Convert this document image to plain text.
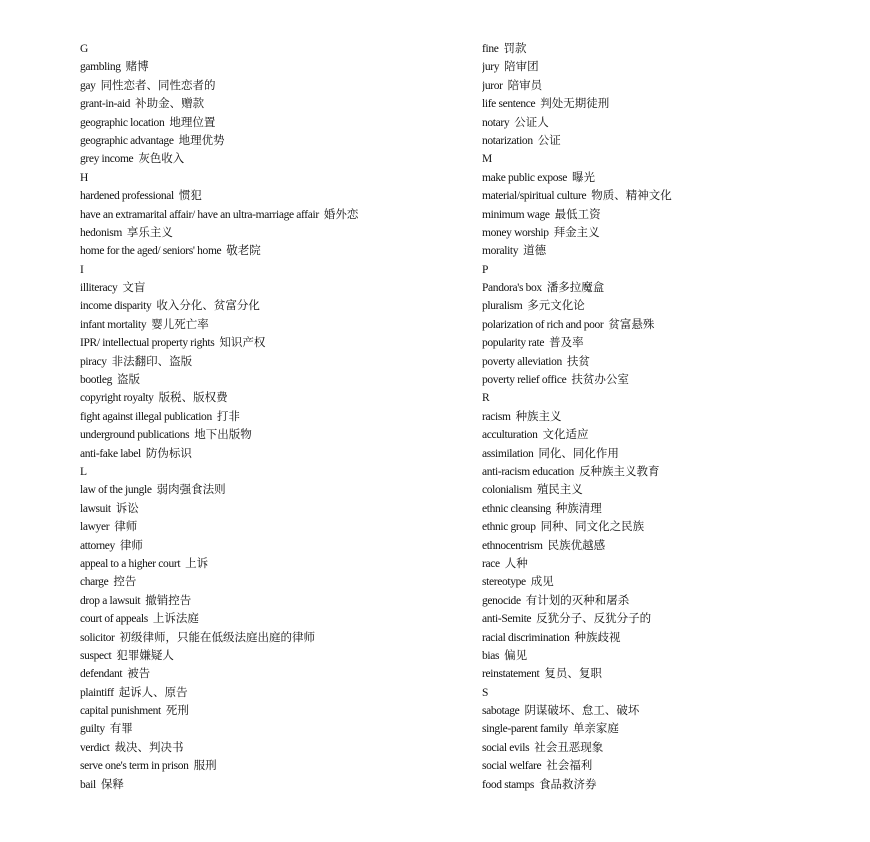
G
gambling 赌博
gay 同性恋者、同性恋者的
grant-in-aid 补助金、赠款
geographic location 地理位置
geographic advantage 地理优势
grey income 灰色收入
H
hardened professional 惯犯
have an extramarital affair/ have an ultra-marriage affair 婚外恋
hedonism 享乐主义
home for the aged/ seniors' home 敬老院
I
illiteracy 文盲
income disparity 收入分化、贫富分化
infant mortality 婴儿死亡率
IPR/ intellectual property rights 知识产权
piracy 非法翻印、盗版
bootleg 盗版
copyright royalty 版税、版权费
fight against illegal publication 打非
underground publications 地下出版物
anti-fake label 防伪标识
L
law of the jungle 弱肉强食法则
lawsuit 诉讼
lawyer 律师
attorney 律师
appeal to a higher court 上诉
charge 控告
drop a lawsuit 撤销控告
court of appeals 上诉法庭
solicitor 初级律师，只能在低级法庭出庭的律师
suspect 犯罪嫌疑人
defendant 被告
plaintiff 起诉人、原告
capital punishment 死刑
guilty 有罪
verdict 裁决、判决书
serve one's term in prison 服刑
bail 保释
fine 罚款
jury 陪审团
juror 陪审员
life sentence 判处无期徒刑
notary 公证人
notarization 公证
M
make public expose 曝光
material/spiritual culture 物质、精神文化
minimum wage 最低工资
money worship 拜金主义
morality 道德
P
Pandora's box 潘多拉魔盒
pluralism 多元文化论
polarization of rich and poor 贫富悬殊
popularity rate 普及率
poverty alleviation 扶贫
poverty relief office 扶贫办公室
R
racism 种族主义
acculturation 文化适应
assimilation 同化、同化作用
anti-racism education 反种族主义教育
colonialism 殖民主义
ethnic cleansing 种族清理
ethnic group 同种、同文化之民族
ethnocentrism 民族优越感
race 人种
stereotype 成见
genocide 有计划的灭种和屠杀
anti-Semite 反犹分子、反犹分子的
racial discrimination 种族歧视
bias 偏见
reinstatement 复员、复职
S
sabotage 阴谋破坏、怠工、破坏
single-parent family 单亲家庭
social evils 社会丑恶现象
social welfare 社会福利
food stamps 食品救济券
